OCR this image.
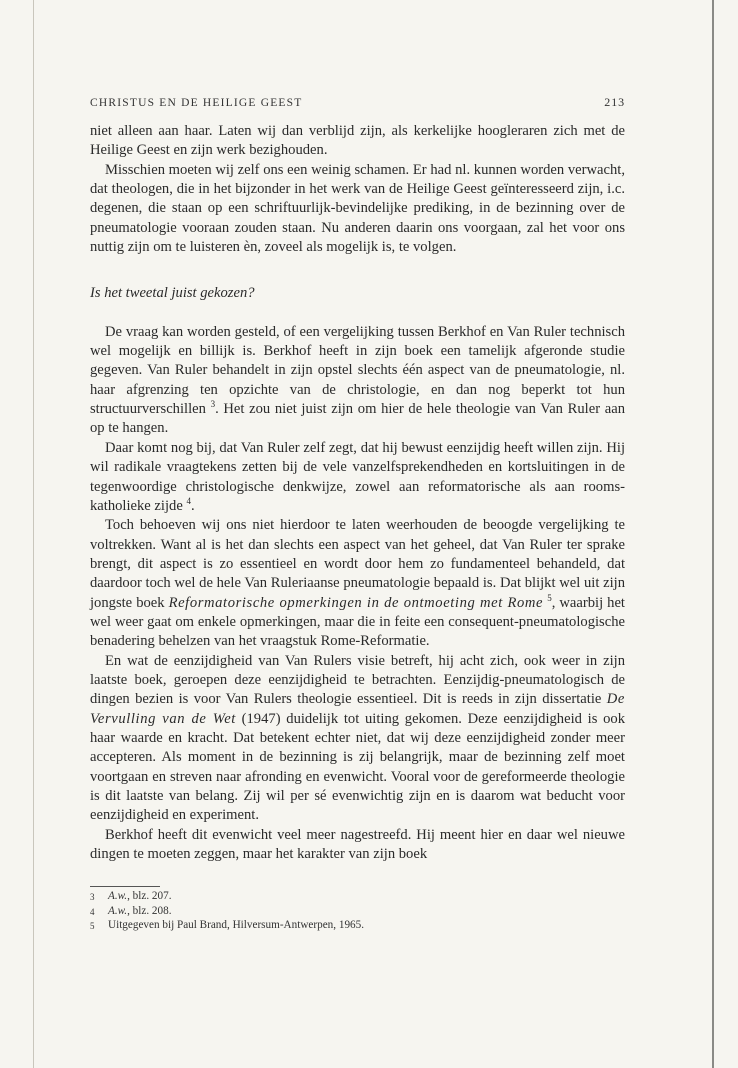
CHRISTUS EN DE HEILIGE GEEST	213

niet alleen aan haar. Laten wij dan verblijd zijn, als kerkelijke hoogleraren zich met de Heilige Geest en zijn werk bezighouden.

Misschien moeten wij zelf ons een weinig schamen. Er had nl. kunnen worden verwacht, dat theologen, die in het bijzonder in het werk van de Heilige Geest geïnteresseerd zijn, i.c. degenen, die staan op een schriftuurlijk-bevindelijke prediking, in de bezinning over de pneumatologie vooraan zouden staan. Nu anderen daarin ons voorgaan, zal het voor ons nuttig zijn om te luisteren èn, zoveel als mogelijk is, te volgen.

Is het tweetal juist gekozen?

De vraag kan worden gesteld, of een vergelijking tussen Berkhof en Van Ruler technisch wel mogelijk en billijk is. Berkhof heeft in zijn boek een tamelijk afgeronde studie gegeven. Van Ruler behandelt in zijn opstel slechts één aspect van de pneumatologie, nl. haar afgrenzing ten opzichte van de christologie, en dan nog beperkt tot hun structuurverschillen $^3$. Het zou niet juist zijn om hier de hele theologie van Van Ruler aan op te hangen.

Daar komt nog bij, dat Van Ruler zelf zegt, dat hij bewust eenzijdig heeft willen zijn. Hij wil radikale vraagtekens zetten bij de vele vanzelfsprekendheden en kortsluitingen in de tegenwoordige christologische denkwijze, zowel aan reformatorische als aan rooms-katholieke zijde $^4$.

Toch behoeven wij ons niet hierdoor te laten weerhouden de beoogde vergelijking te voltrekken. Want al is het dan slechts een aspect van het geheel, dat Van Ruler ter sprake brengt, dit aspect is zo essentieel en wordt door hem zo fundamenteel behandeld, dat daardoor toch wel de hele Van Rulerіaanse pneumatologie bepaald is. Dat blijkt wel uit zijn jongste boek Reformatorische opmerkingen in de ontmoeting met Rome $^5$, waarbij het wel weer gaat om enkele opmerkingen, maar die in feite een consequent-pneumatologische benadering behelzen van het vraagstuk Rome-Reformatie.

En wat de eenzijdigheid van Van Rulers visie betreft, hij acht zich, ook weer in zijn laatste boek, geroepen deze eenzijdigheid te betrachten. Eenzijdig-pneumatologisch de dingen bezien is voor Van Rulers theologie essentieel. Dit is reeds in zijn dissertatie De Vervulling van de Wet (1947) duidelijk tot uiting gekomen. Deze eenzijdigheid is ook haar waarde en kracht. Dat betekent echter niet, dat wij deze eenzijdigheid zonder meer accepteren. Als moment in de bezinning is zij belangrijk, maar de bezinning zelf moet voortgaan en streven naar afronding en evenwicht. Vooral voor de gereformeerde theologie is dit laatste van belang. Zij wil per sé evenwichtig zijn en is daarom wat beducht voor eenzijdigheid en experiment.

Berkhof heeft dit evenwicht veel meer nagestreefd. Hij meent hier en daar wel nieuwe dingen te moeten zeggen, maar het karakter van zijn boek

3	A.w., blz. 207.
4	A.w., blz. 208.
5	Uitgegeven bij Paul Brand, Hilversum-Antwerpen, 1965.
